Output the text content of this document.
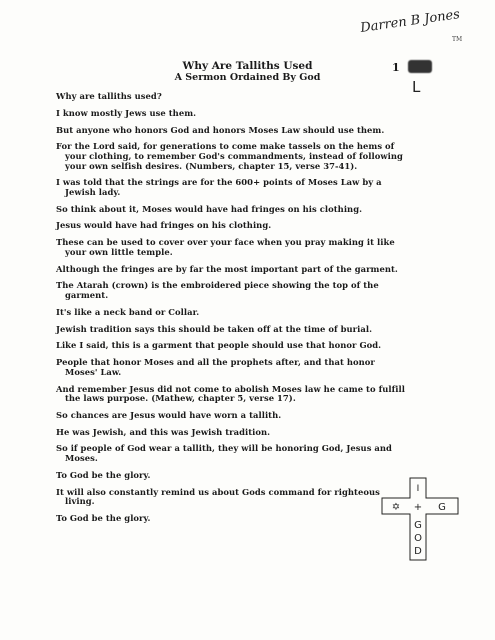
Darren B Jones
TM
1
L
Why Are Talliths Used
A Sermon Ordained By God

Why are talliths used?

I know mostly Jews use them.

But anyone who honors God and honors Moses Law should use them.

For the Lord said, for generations to come make tassels on the hems of your clothing, to remember God's commandments, instead of following your own selfish desires. (Numbers, chapter 15, verse 37-41).

I was told that the strings are for the 600+ points of Moses Law by a Jewish lady.

So think about it, Moses would have had fringes on his clothing.

Jesus would have had fringes on his clothing.

These can be used to cover over your face when you pray making it like your own little temple.

Although the fringes are by far the most important part of the garment.

The Atarah (crown) is the embroidered piece showing the top of the garment.

It's like a neck band or Collar.

Jewish tradition says this should be taken off at the time of burial.

Like I said, this is a garment that people should use that honor God.

People that honor Moses and all the prophets after, and that honor Moses' Law.

And remember Jesus did not come to abolish Moses law he came to fulfill the laws purpose. (Mathew, chapter 5, verse 17).

So chances are Jesus would have worn a tallith.

He was Jewish, and this was Jewish tradition.

So if people of God wear a tallith, they will be honoring God, Jesus and Moses.

To God be the glory.

It will also constantly remind us about Gods command for righteous living.

To God be the glory.

I
✡ + G
G
O
D
